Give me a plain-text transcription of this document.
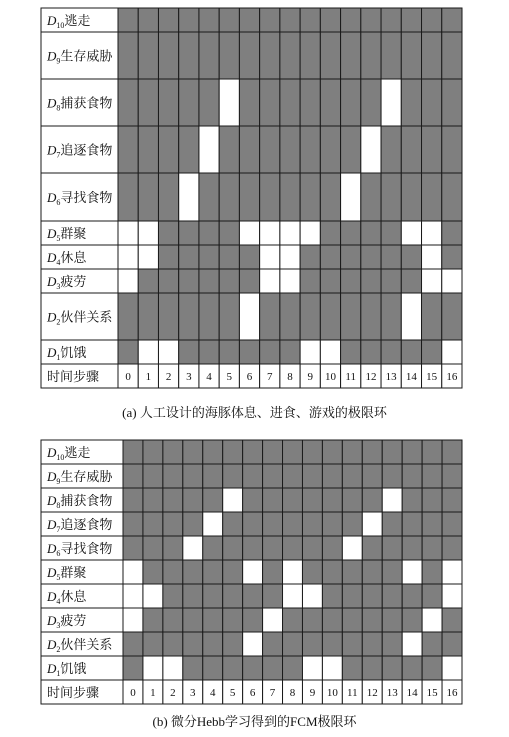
$D_{10}$逃走
$D_9$生存威胁
$D_8$捕获食物
$D_7$追逐食物
$D_6$寻找食物
$D_5$群聚
$D_4$休息
$D_3$疲劳
$D_2$伙伴关系
$D_1$饥饿
时间步骤 0 1 2 3 4 5 6 7 8 9 10 11 12 13 14 15 16
(a) 人工设计的海豚体息、进食、游戏的极限环
$D_{10}$逃走
$D_9$生存威胁
$D_8$捕获食物
$D_7$追逐食物
$D_6$寻找食物
$D_5$群聚
$D_4$休息
$D_3$疲劳
$D_2$伙伴关系
$D_1$饥饿
时间步骤	0 1 2 3 4 5 6 7 8 9 10 11 12 13 14 15 16
(b) 微分Hebb学习得到的FCM极限环
